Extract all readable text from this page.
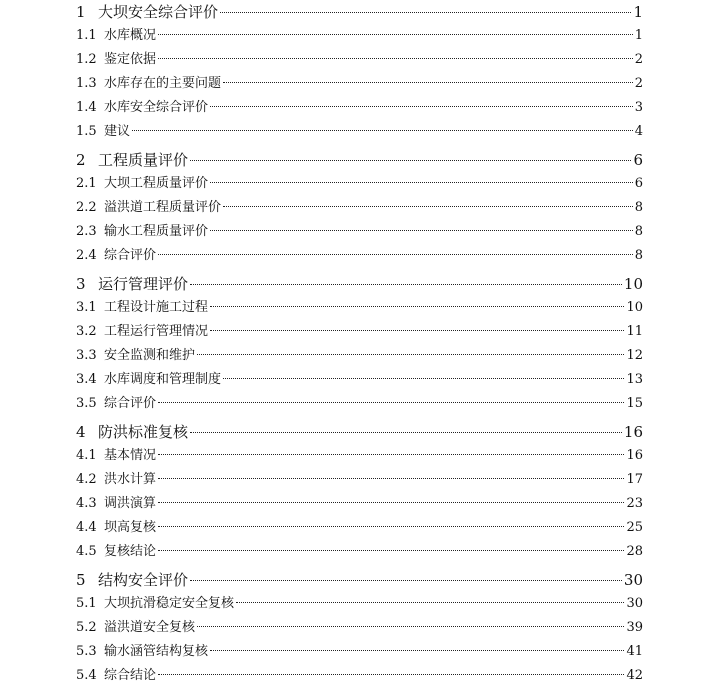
1 大坝安全综合评价	1
1.1 水库概况	1
1.2 鉴定依据	2
1.3 水库存在的主要问题	2
1.4 水库安全综合评价	3
1.5 建议	4
2 工程质量评价	6
2.1 大坝工程质量评价	6
2.2 溢洪道工程质量评价	8
2.3 输水工程质量评价	8
2.4 综合评价	8
3 运行管理评价	10
3.1 工程设计施工过程	10
3.2 工程运行管理情况	11
3.3 安全监测和维护	12
3.4 水库调度和管理制度	13
3.5 综合评价	15
4 防洪标准复核	16
4.1 基本情况	16
4.2 洪水计算	17
4.3 调洪演算	23
4.4 坝高复核	25
4.5 复核结论	28
5 结构安全评价	30
5.1 大坝抗滑稳定安全复核	30
5.2 溢洪道安全复核	39
5.3 输水涵管结构复核	41
5.4 综合结论	42
